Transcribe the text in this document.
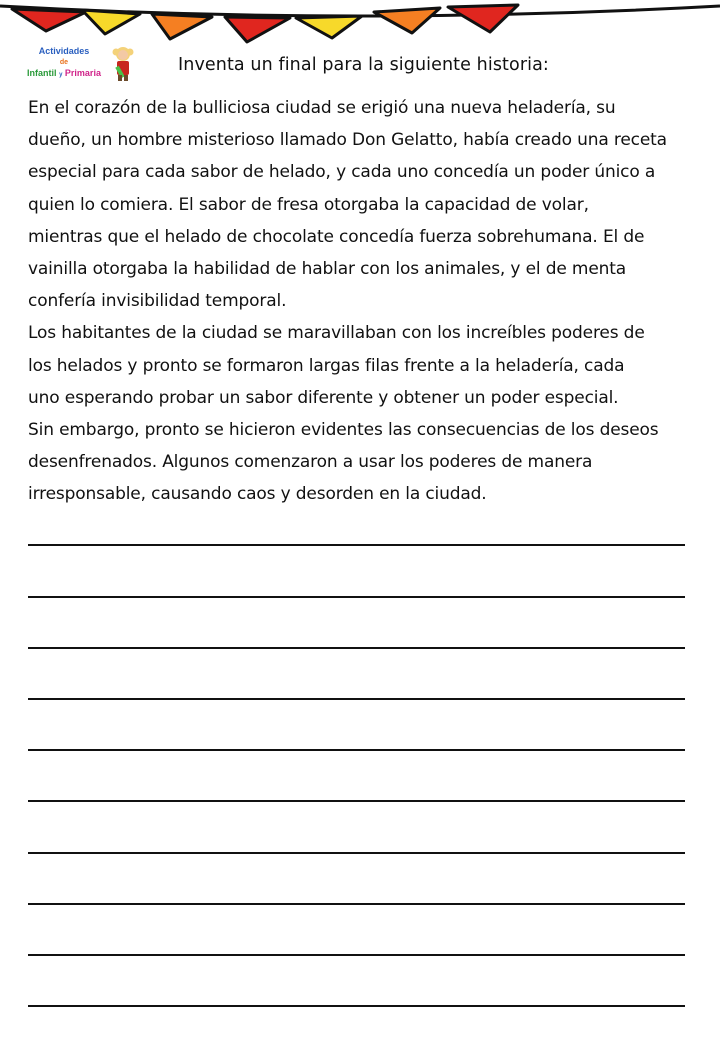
Actividades
de
Infantil y Primaria	Inventa un final para la siguiente historia:
En el corazón de la bulliciosa ciudad se erigió una nueva heladería, su
dueño, un hombre misterioso llamado Don Gelatto, había creado una receta
especial para cada sabor de helado, y cada uno concedía un poder único a
quien lo comiera. El sabor de fresa otorgaba la capacidad de volar,
mientras que el helado de chocolate concedía fuerza sobrehumana. El de
vainilla otorgaba la habilidad de hablar con los animales, y el de menta
confería invisibilidad temporal.
Los habitantes de la ciudad se maravillaban con los increíbles poderes de
los helados y pronto se formaron largas filas frente a la heladería, cada
uno esperando probar un sabor diferente y obtener un poder especial.
Sin embargo, pronto se hicieron evidentes las consecuencias de los deseos
desenfrenados. Algunos comenzaron a usar los poderes de manera
irresponsable, causando caos y desorden en la ciudad.
